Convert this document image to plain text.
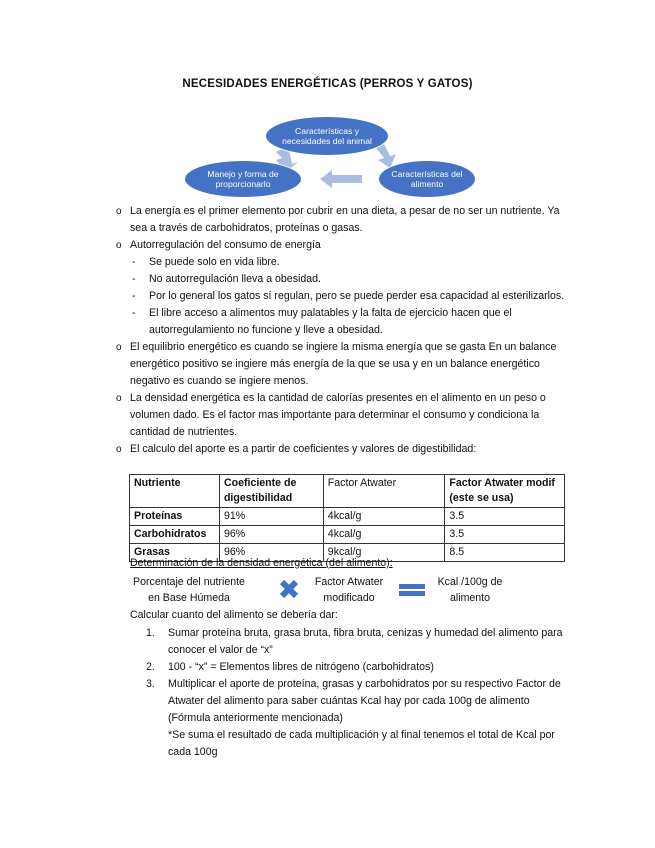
NECESIDADES ENERGÉTICAS (PERROS Y GATOS)
Características y necesidades del animal
Manejo y forma de proporcionarlo
Características del alimento
o La energía es el primer elemento por cubrir en una dieta, a pesar de no ser un nutriente. Ya sea a través de carbohidratos, proteínas o gasas.
o Autorregulación del consumo de energía
- Se puede solo en vida libre.
- No autorregulación lleva a obesidad.
- Por lo general los gatos sí regulan, pero se puede perder esa capacidad al esterilizarlos.
- El libre acceso a alimentos muy palatables y la falta de ejercicio hacen que el autorregulamiento no funcione y lleve a obesidad.
o El equilibrio energético es cuando se ingiere la misma energía que se gasta En un balance energético positivo se ingiere más energía de la que se usa y en un balance energético negativo es cuando se ingiere menos.
o La densidad energética es la cantidad de calorías presentes en el alimento en un peso o volumen dado. Es el factor mas importante para determinar el consumo y condiciona la cantidad de nutrientes.
o El calculo del aporte es a partir de coeficientes y valores de digestibilidad:
Nutriente	Coeficiente de digestibilidad	Factor Atwater	Factor Atwater modif (este se usa)
Proteínas	91%	4kcal/g	3.5
Carbohidratos	96%	4kcal/g	3.5
Grasas	96%	9kcal/g	8.5
Determinación de la densidad energética (del alimento):
Porcentaje del nutriente en Base Húmeda
Factor Atwater modificado
Kcal /100g de alimento
Calcular cuanto del alimento se debería dar:
1. Sumar proteína bruta, grasa bruta, fibra bruta, cenizas y humedad del alimento para conocer el valor de “x”
2. 100 - “x” = Elementos libres de nitrógeno (carbohidratos)
3. Multiplicar el aporte de proteína, grasas y carbohidratos por su respectivo Factor de Atwater del alimento para saber cuántas Kcal hay por cada 100g de alimento (Fórmula anteriormente mencionada)
*Se suma el resultado de cada multiplicación y al final tenemos el total de Kcal por cada 100g
